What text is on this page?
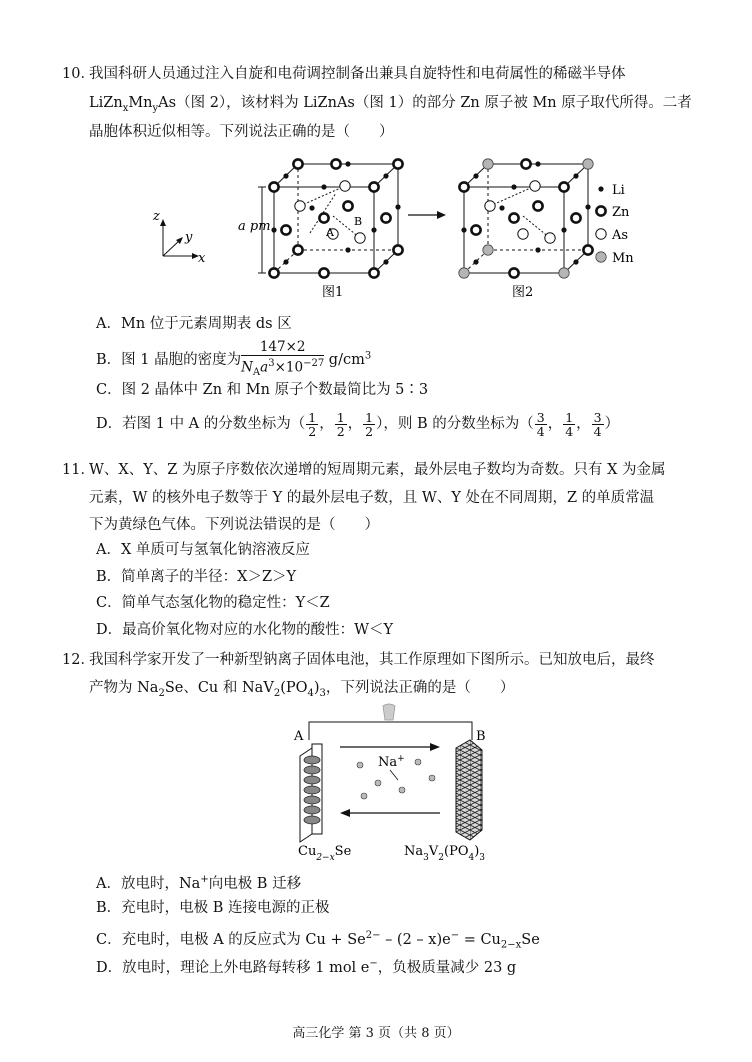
10．
我国科研人员通过注入自旋和电荷调控制备出兼具自旋特性和电荷属性的稀磁半导体
$LiZn_xMn_yAs$（图 2），该材料为 LiZnAs（图 1）的部分 Zn 原子被 Mn 原子取代所得。二者
晶胞体积近似相等。下列说法正确的是（　　）
z
y
x
a pm	A
B
图1	图2
Li
Zn
As
Mn
A．Mn 位于元素周期表 ds 区
B．图 1 晶胞的密度为
147×2
$N_Aa^3\times 10^{-27}$ $g/cm^3$
C．图 2 晶体中 Zn 和 Mn 原子个数最简比为 5∶3
D．若图 1 中 A 的分数坐标为（ $\frac{1}{2}$ ， $\frac{1}{2}$ ， $\frac{1}{2}$ ），则 B 的分数坐标为（ $\frac{3}{4}$ ， $\frac{1}{4}$ ， $\frac{3}{4}$ ）
11．
W、X、Y、Z 为原子序数依次递增的短周期元素，最外层电子数均为奇数。只有 X 为金属
元素，W 的核外电子数等于 Y 的最外层电子数，且 W、Y 处在不同周期，Z 的单质常温
下为黄绿色气体。下列说法错误的是（　　）
A．X 单质可与氢氧化钠溶液反应
B．简单离子的半径：X＞Z＞Y
C．简单气态氢化物的稳定性：Y＜Z
D．最高价氧化物对应的水化物的酸性：W＜Y
12．
我国科学家开发了一种新型钠离子固体电池，其工作原理如下图所示。已知放电后，最终
产物为 $Na_2Se$、Cu 和 $NaV_2(PO_4)_3$，下列说法正确的是（　　）
A	B
Na+
$Cu_{2-x}Se$	$Na_3V_2(PO_4)_3$
A．放电时，Na+向电极 B 迁移
B．充电时，电极 B 连接电源的正极
C．充电时，电极 A 的反应式为 $Cu + Se^{2-} - (2 - x)e^- = Cu_{2-x}Se$
D．放电时，理论上外电路每转移 1 mol e−，负极质量减少 23 g
高三化学 第 3 页（共 8 页）
